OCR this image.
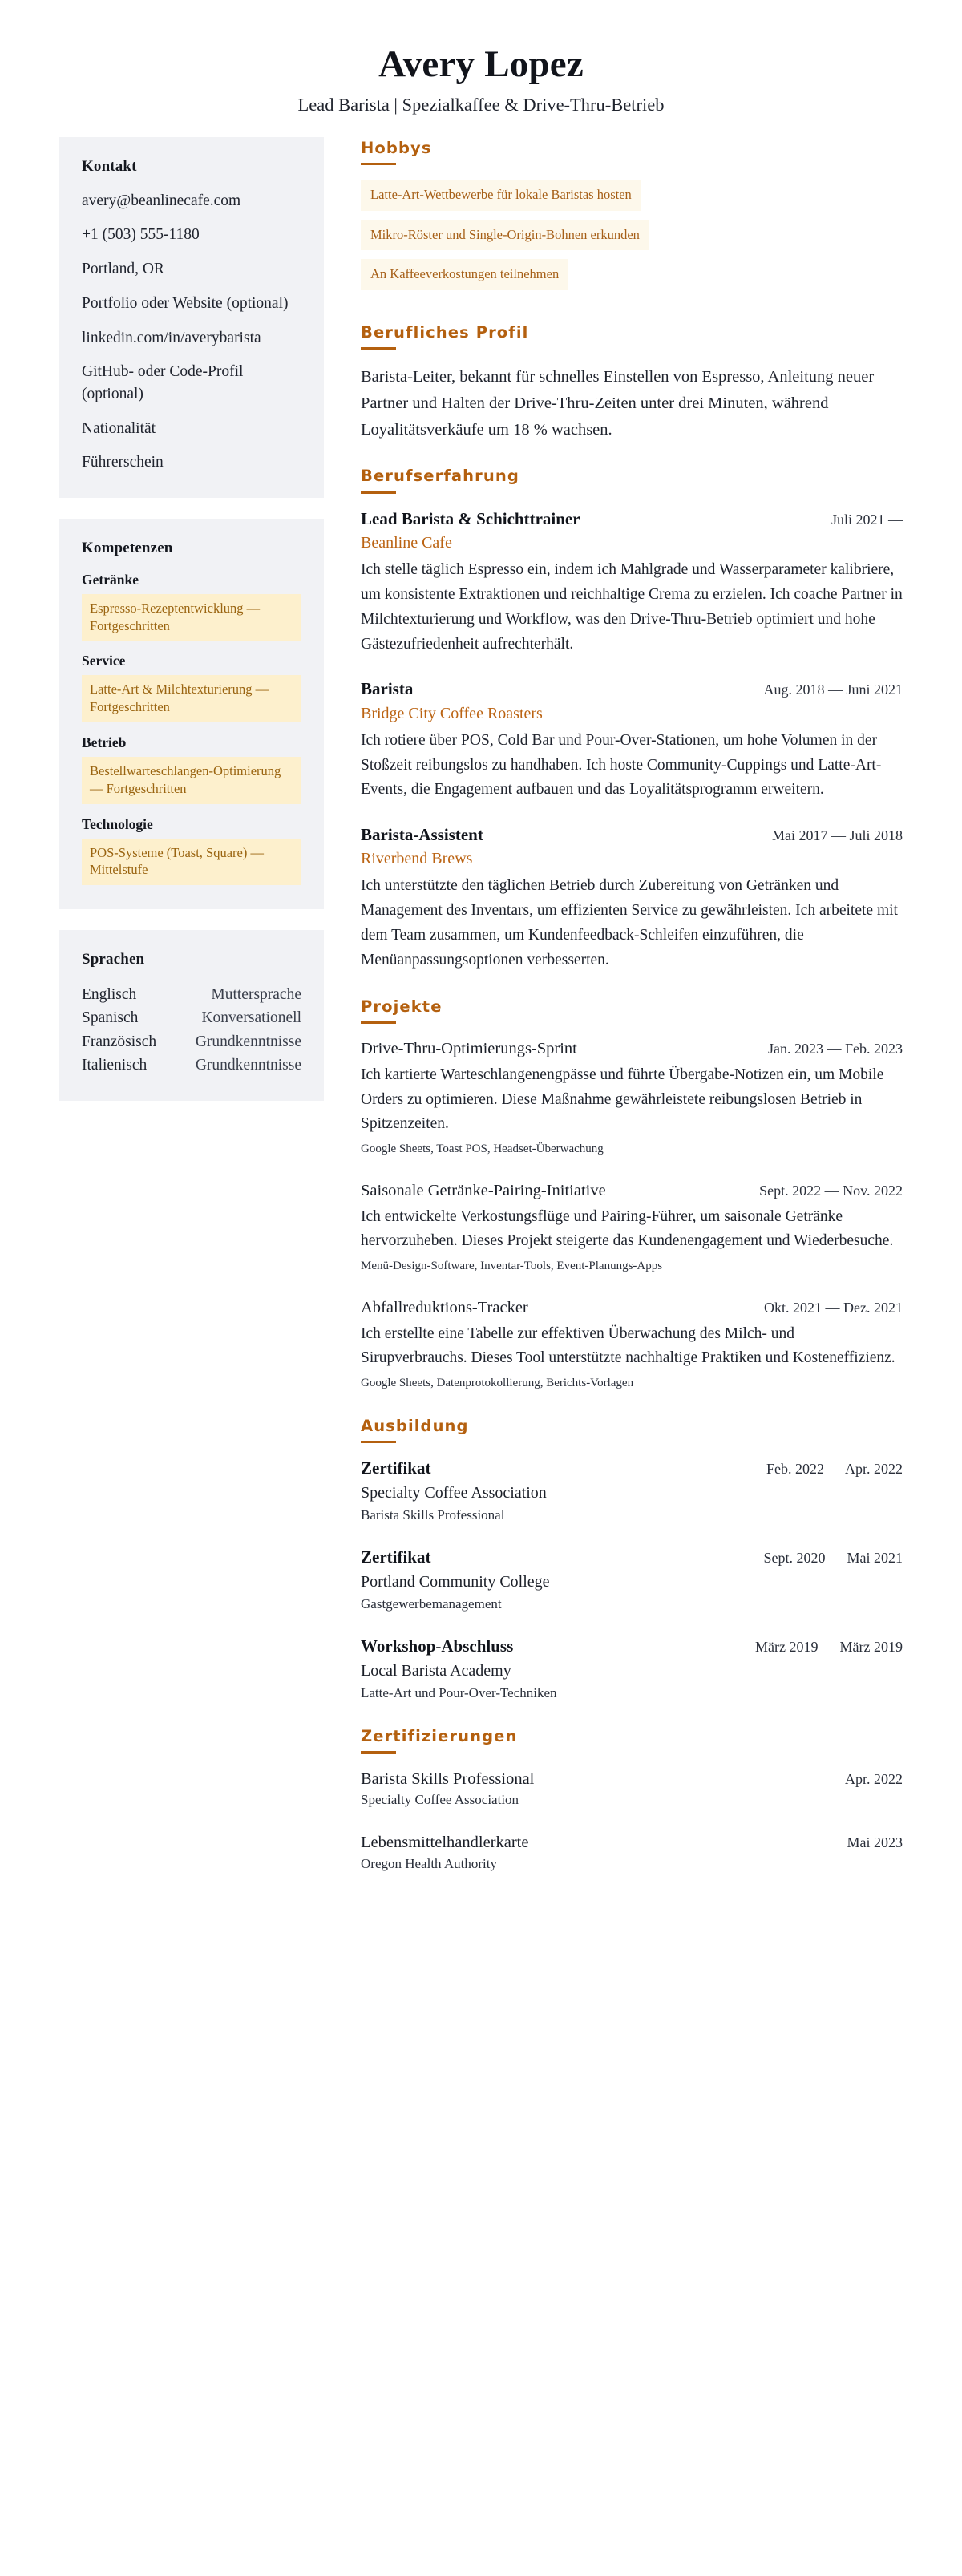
Avery Lopez

Lead Barista | Spezialkaffee & Drive-Thru-Betrieb

Kontakt
avery@beanlinecafe.com
+1 (503) 555-1180
Portland, OR
Portfolio oder Website (optional)
linkedin.com/in/averybarista
GitHub- oder Code-Profil (optional)
Nationalität
Führerschein
Kompetenzen
Getränke
Espresso-Rezeptentwicklung — Fortgeschritten
Service
Latte-Art & Milchtexturierung — Fortgeschritten
Betrieb
Bestellwarteschlangen-Optimierung — Fortgeschritten
Technologie
POS-Systeme (Toast, Square) — Mittelstufe
Sprachen
Englisch	Muttersprache
Spanisch	Konversationell
Französisch Grundkenntnisse
Italienisch	Grundkenntnisse
Hobbys
Latte-Art-Wettbewerbe für lokale Baristas hosten
Mikro-Röster und Single-Origin-Bohnen erkunden
An Kaffeeverkostungen teilnehmen
Berufliches Profil

Barista-Leiter, bekannt für schnelles Einstellen von Espresso, Anleitung neuer Partner und Halten der Drive-Thru-Zeiten unter drei Minuten, während Loyalitätsverkäufe um 18 % wachsen.

Berufserfahrung
Lead Barista & Schichttrainer	Juli 2021 —
Beanline Cafe
Ich stelle täglich Espresso ein, indem ich Mahlgrade und Wasserparameter kalibriere, um konsistente Extraktionen und reichhaltige Crema zu erzielen. Ich coache Partner in Milchtexturierung und Workflow, was den Drive-Thru-Betrieb optimiert und hohe Gästezufriedenheit aufrechterhält.
Barista	Aug. 2018 — Juni 2021
Bridge City Coffee Roasters
Ich rotiere über POS, Cold Bar und Pour-Over-Stationen, um hohe Volumen in der Stoßzeit reibungslos zu handhaben. Ich hoste Community-Cuppings und Latte-Art-Events, die Engagement aufbauen und das Loyalitätsprogramm erweitern.
Barista-Assistent	Mai 2017 — Juli 2018
Riverbend Brews
Ich unterstützte den täglichen Betrieb durch Zubereitung von Getränken und Management des Inventars, um effizienten Service zu gewährleisten. Ich arbeitete mit dem Team zusammen, um Kundenfeedback-Schleifen einzuführen, die Menüanpassungsoptionen verbesserten.
Projekte
Drive-Thru-Optimierungs-Sprint	Jan. 2023 — Feb. 2023
Ich kartierte Warteschlangenengpässe und führte Übergabe-Notizen ein, um Mobile Orders zu optimieren. Diese Maßnahme gewährleistete reibungslosen Betrieb in Spitzenzeiten.
Google Sheets, Toast POS, Headset-Überwachung
Saisonale Getränke-Pairing-Initiative	Sept. 2022 — Nov. 2022
Ich entwickelte Verkostungsflüge und Pairing-Führer, um saisonale Getränke hervorzuheben. Dieses Projekt steigerte das Kundenengagement und Wiederbesuche.
Menü-Design-Software, Inventar-Tools, Event-Planungs-Apps
Abfallreduktions-Tracker	Okt. 2021 — Dez. 2021
Ich erstellte eine Tabelle zur effektiven Überwachung des Milch- und Sirupverbrauchs. Dieses Tool unterstützte nachhaltige Praktiken und Kosteneffizienz.
Google Sheets, Datenprotokollierung, Berichts-Vorlagen
Ausbildung
Zertifikat	Feb. 2022 — Apr. 2022
Specialty Coffee Association
Barista Skills Professional
Zertifikat	Sept. 2020 — Mai 2021
Portland Community College
Gastgewerbemanagement
Workshop-Abschluss	März 2019 — März 2019
Local Barista Academy
Latte-Art und Pour-Over-Techniken
Zertifizierungen
Barista Skills Professional	Apr. 2022
Specialty Coffee Association
Lebensmittelhandlerkarte	Mai 2023
Oregon Health Authority
